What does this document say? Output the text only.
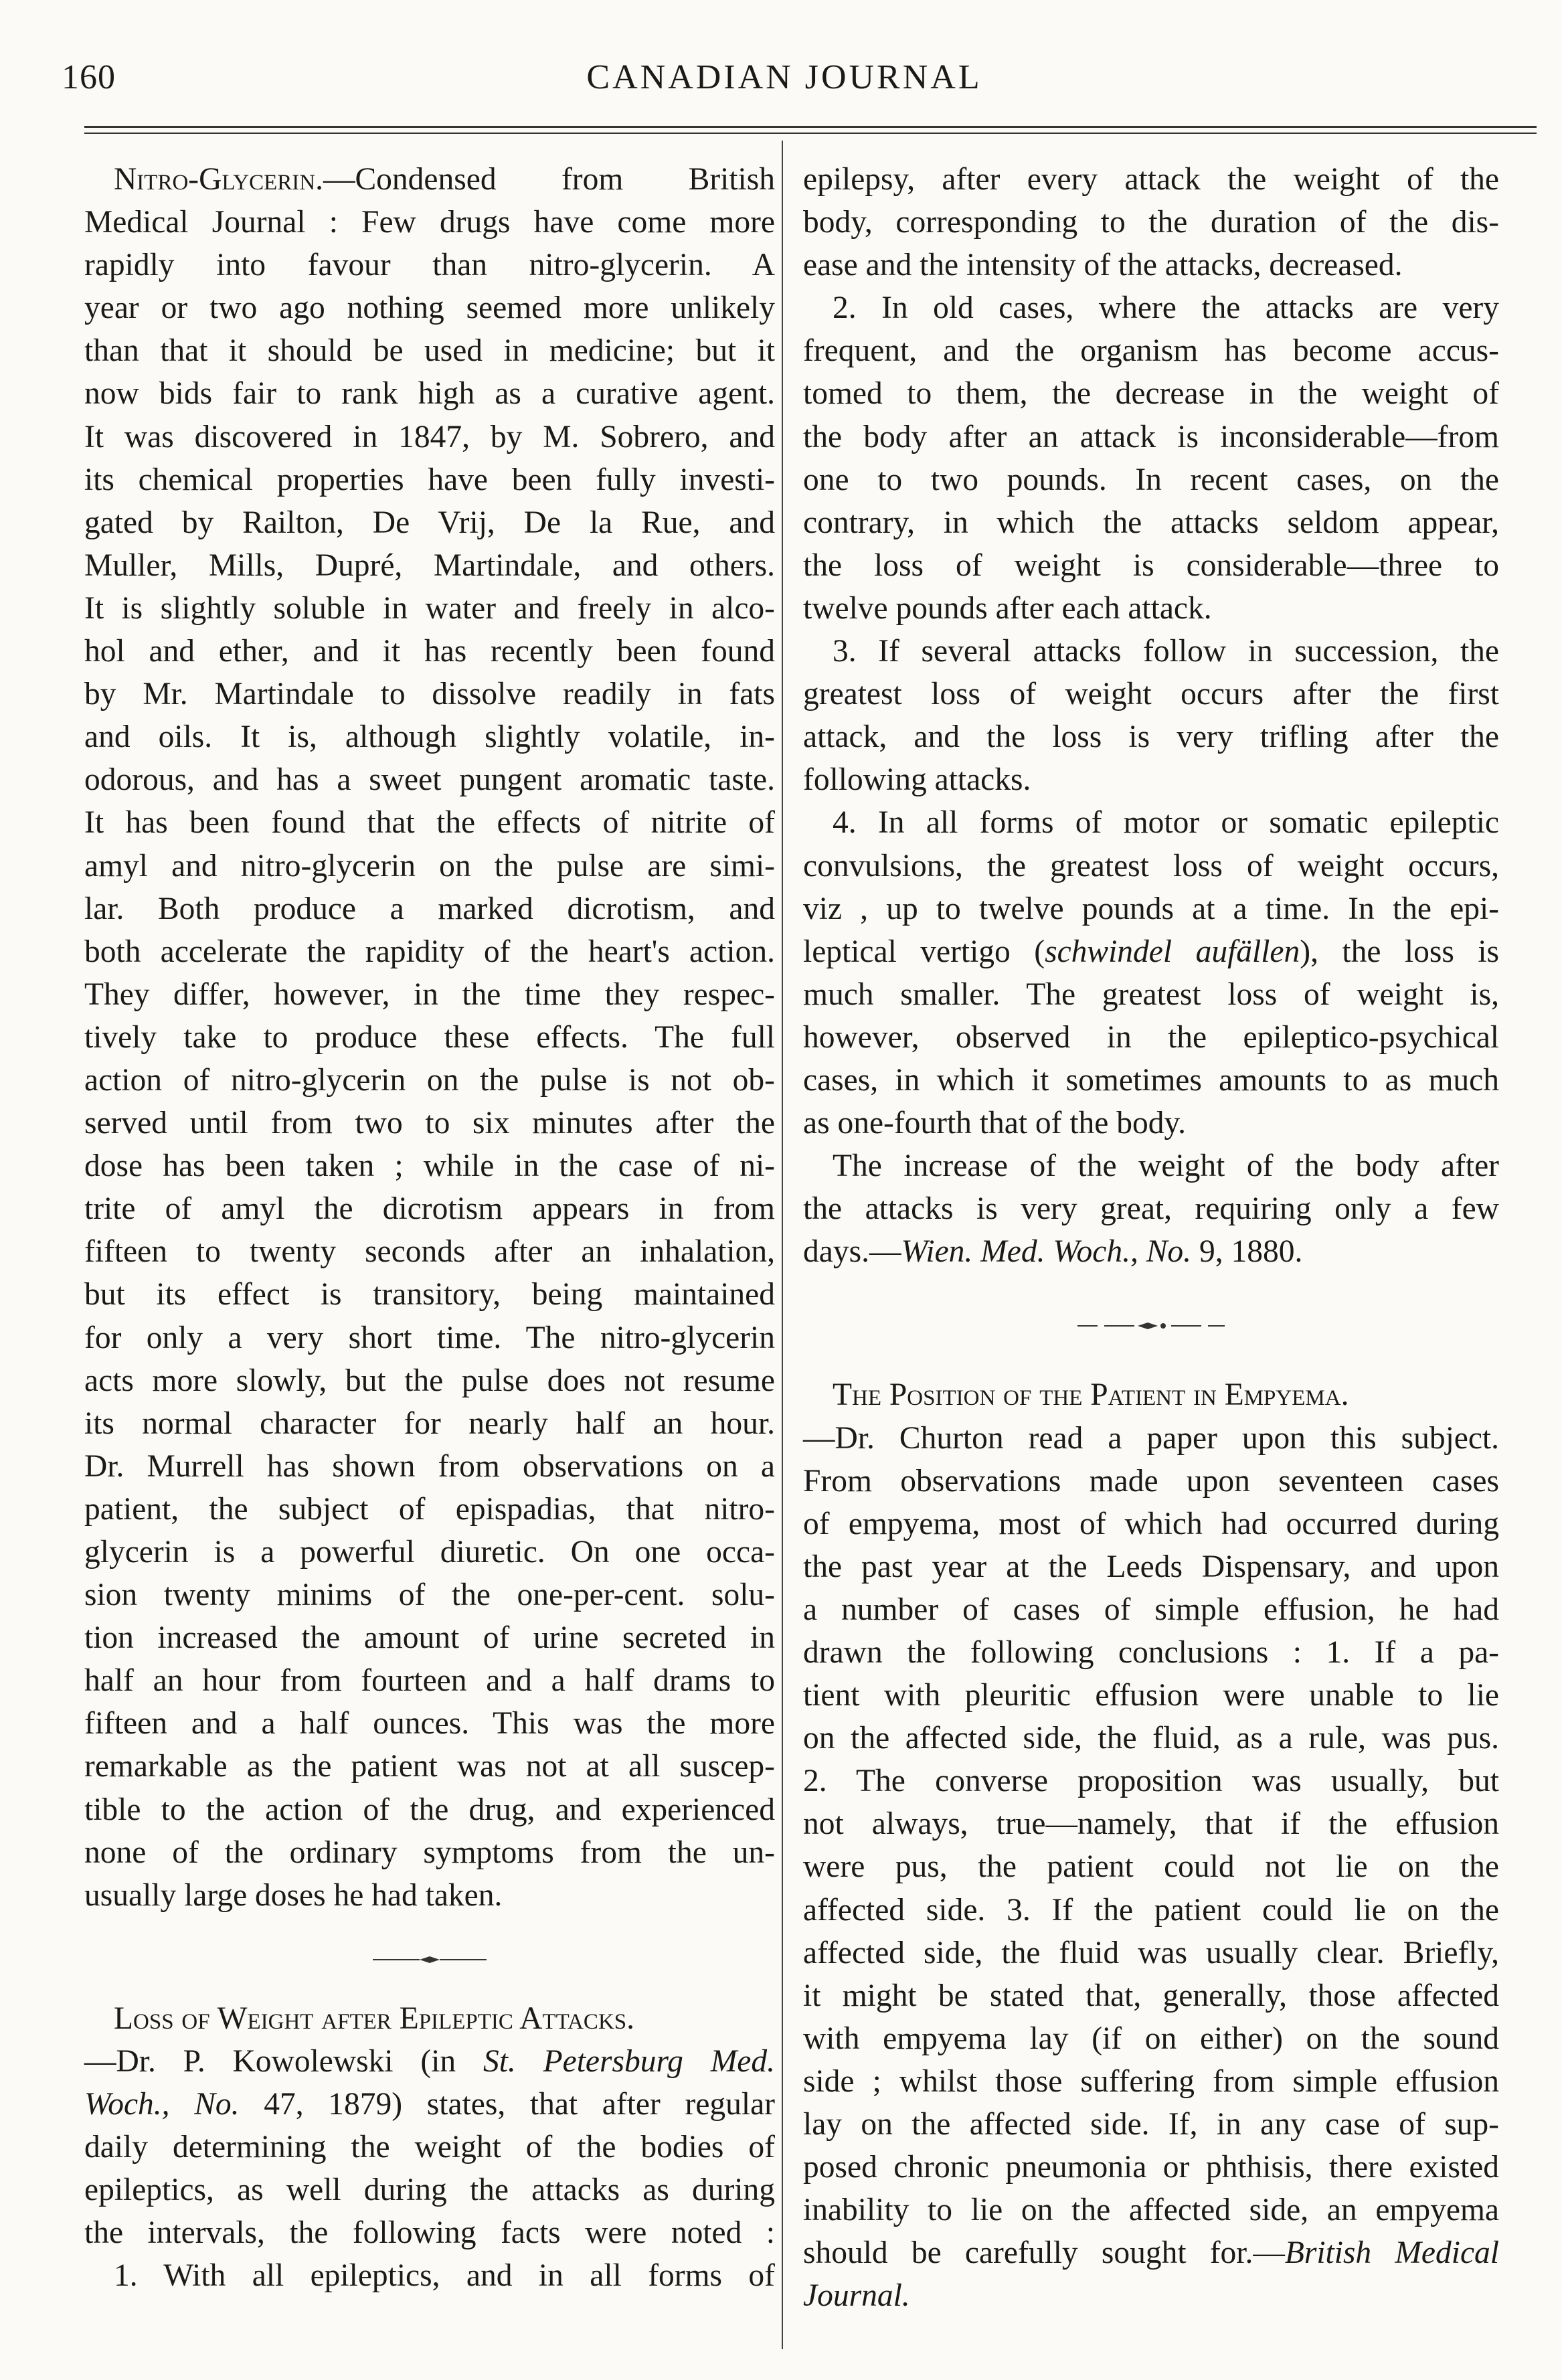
160	CANADIAN JOURNAL
Nitro-Glycerin.—Condensed from British
Medical Journal : Few drugs have come more
rapidly into favour than nitro-glycerin. A
year or two ago nothing seemed more unlikely
than that it should be used in medicine; but it
now bids fair to rank high as a curative agent.
It was discovered in 1847, by M. Sobrero, and
its chemical properties have been fully investi-
gated by Railton, De Vrij, De la Rue, and
Muller, Mills, Dupré, Martindale, and others.
It is slightly soluble in water and freely in alco-
hol and ether, and it has recently been found
by Mr. Martindale to dissolve readily in fats
and oils. It is, although slightly volatile, in-
odorous, and has a sweet pungent aromatic taste.
It has been found that the effects of nitrite of
amyl and nitro-glycerin on the pulse are simi-
lar. Both produce a marked dicrotism, and
both accelerate the rapidity of the heart's action.
They differ, however, in the time they respec-
tively take to produce these effects. The full
action of nitro-glycerin on the pulse is not ob-
served until from two to six minutes after the
dose has been taken ; while in the case of ni-
trite of amyl the dicrotism appears in from
fifteen to twenty seconds after an inhalation,
but its effect is transitory, being maintained
for only a very short time. The nitro-glycerin
acts more slowly, but the pulse does not resume
its normal character for nearly half an hour.
Dr. Murrell has shown from observations on a
patient, the subject of epispadias, that nitro-
glycerin is a powerful diuretic. On one occa-
sion twenty minims of the one-per-cent. solu-
tion increased the amount of urine secreted in
half an hour from fourteen and a half drams to
fifteen and a half ounces. This was the more
remarkable as the patient was not at all suscep-
tible to the action of the drug, and experienced
none of the ordinary symptoms from the un-
usually large doses he had taken.
Loss of Weight after Epileptic Attacks.
—Dr. P. Kowolewski (in St. Petersburg Med.
Woch., No. 47, 1879) states, that after regular
daily determining the weight of the bodies of
epileptics, as well during the attacks as during
the intervals, the following facts were noted :
1. With all epileptics, and in all forms of
epilepsy, after every attack the weight of the
body, corresponding to the duration of the dis-
ease and the intensity of the attacks, decreased.
2. In old cases, where the attacks are very
frequent, and the organism has become accus-
tomed to them, the decrease in the weight of
the body after an attack is inconsiderable—from
one to two pounds. In recent cases, on the
contrary, in which the attacks seldom appear,
the loss of weight is considerable—three to
twelve pounds after each attack.
3. If several attacks follow in succession, the
greatest loss of weight occurs after the first
attack, and the loss is very trifling after the
following attacks.
4. In all forms of motor or somatic epileptic
convulsions, the greatest loss of weight occurs,
viz , up to twelve pounds at a time. In the epi-
leptical vertigo (schwindel aufällen), the loss is
much smaller. The greatest loss of weight is,
however, observed in the epileptico-psychical
cases, in which it sometimes amounts to as much
as one-fourth that of the body.
The increase of the weight of the body after
the attacks is very great, requiring only a few
days.—Wien. Med. Woch., No. 9, 1880.
The Position of the Patient in Empyema.
—Dr. Churton read a paper upon this subject.
From observations made upon seventeen cases
of empyema, most of which had occurred during
the past year at the Leeds Dispensary, and upon
a number of cases of simple effusion, he had
drawn the following conclusions : 1. If a pa-
tient with pleuritic effusion were unable to lie
on the affected side, the fluid, as a rule, was pus.
2. The converse proposition was usually, but
not always, true—namely, that if the effusion
were pus, the patient could not lie on the
affected side. 3. If the patient could lie on the
affected side, the fluid was usually clear. Briefly,
it might be stated that, generally, those affected
with empyema lay (if on either) on the sound
side ; whilst those suffering from simple effusion
lay on the affected side. If, in any case of sup-
posed chronic pneumonia or phthisis, there existed
inability to lie on the affected side, an empyema
should be carefully sought for.—British Medical
Journal.
